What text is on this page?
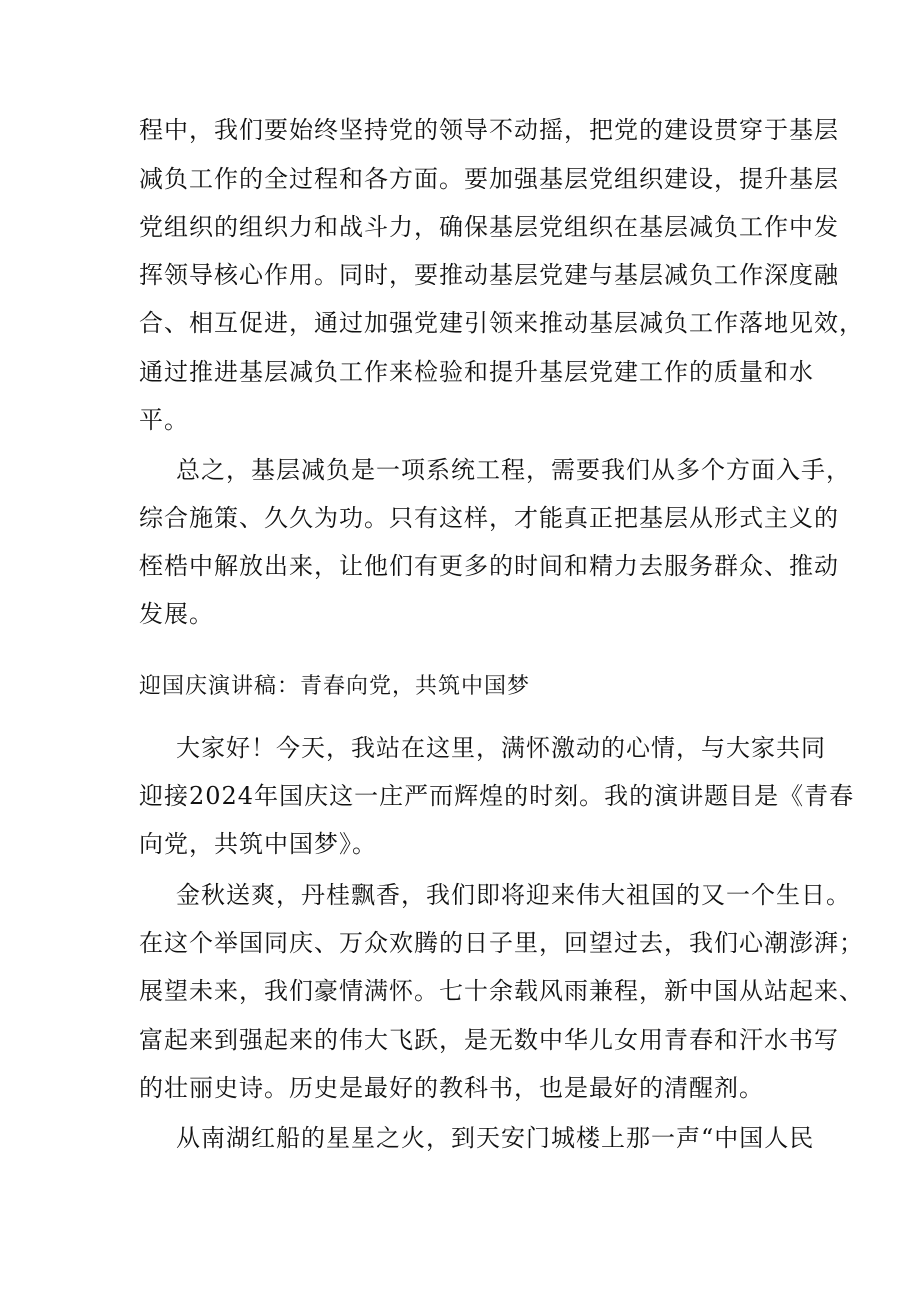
程中，我们要始终坚持党的领导不动摇，把党的建设贯穿于基层
减负工作的全过程和各方面。要加强基层党组织建设，提升基层
党组织的组织力和战斗力，确保基层党组织在基层减负工作中发
挥领导核心作用。同时，要推动基层党建与基层减负工作深度融
合、相互促进，通过加强党建引领来推动基层减负工作落地见效，
通过推进基层减负工作来检验和提升基层党建工作的质量和水
平。
总之，基层减负是一项系统工程，需要我们从多个方面入手，
综合施策、久久为功。只有这样，才能真正把基层从形式主义的
桎梏中解放出来，让他们有更多的时间和精力去服务群众、推动
发展。
迎国庆演讲稿：青春向党，共筑中国梦
大家好！今天，我站在这里，满怀激动的心情，与大家共同
迎接2024年国庆这一庄严而辉煌的时刻。我的演讲题目是《青春
向党，共筑中国梦》。
金秋送爽，丹桂飘香，我们即将迎来伟大祖国的又一个生日。
在这个举国同庆、万众欢腾的日子里，回望过去，我们心潮澎湃；
展望未来，我们豪情满怀。七十余载风雨兼程，新中国从站起来、
富起来到强起来的伟大飞跃，是无数中华儿女用青春和汗水书写
的壮丽史诗。历史是最好的教科书，也是最好的清醒剂。
从南湖红船的星星之火，到天安门城楼上那一声“中国人民
